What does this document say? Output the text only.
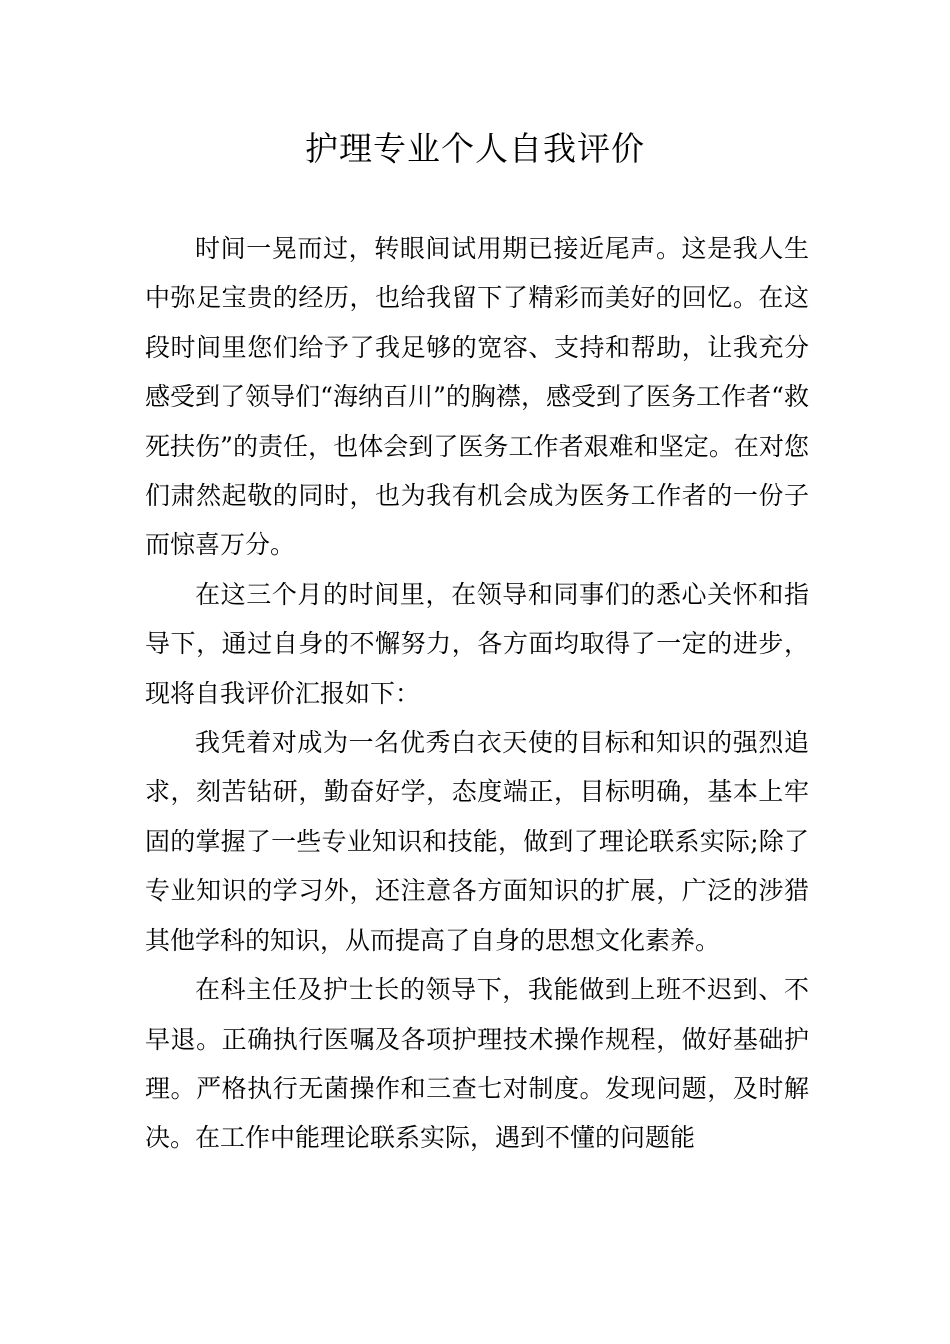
护理专业个人自我评价

时间一晃而过，转眼间试用期已接近尾声。这是我人生中弥足宝贵的经历，也给我留下了精彩而美好的回忆。在这段时间里您们给予了我足够的宽容、支持和帮助，让我充分感受到了领导们“海纳百川”的胸襟，感受到了医务工作者“救死扶伤”的责任，也体会到了医务工作者艰难和坚定。在对您们肃然起敬的同时，也为我有机会成为医务工作者的一份子而惊喜万分。

在这三个月的时间里，在领导和同事们的悉心关怀和指导下，通过自身的不懈努力，各方面均取得了一定的进步，现将自我评价汇报如下：

我凭着对成为一名优秀白衣天使的目标和知识的强烈追求，刻苦钻研，勤奋好学，态度端正，目标明确，基本上牢固的掌握了一些专业知识和技能，做到了理论联系实际;除了专业知识的学习外，还注意各方面知识的扩展，广泛的涉猎其他学科的知识，从而提高了自身的思想文化素养。

在科主任及护士长的领导下，我能做到上班不迟到、不早退。正确执行医嘱及各项护理技术操作规程，做好基础护理。严格执行无菌操作和三查七对制度。发现问题，及时解决。在工作中能理论联系实际，遇到不懂的问题能
